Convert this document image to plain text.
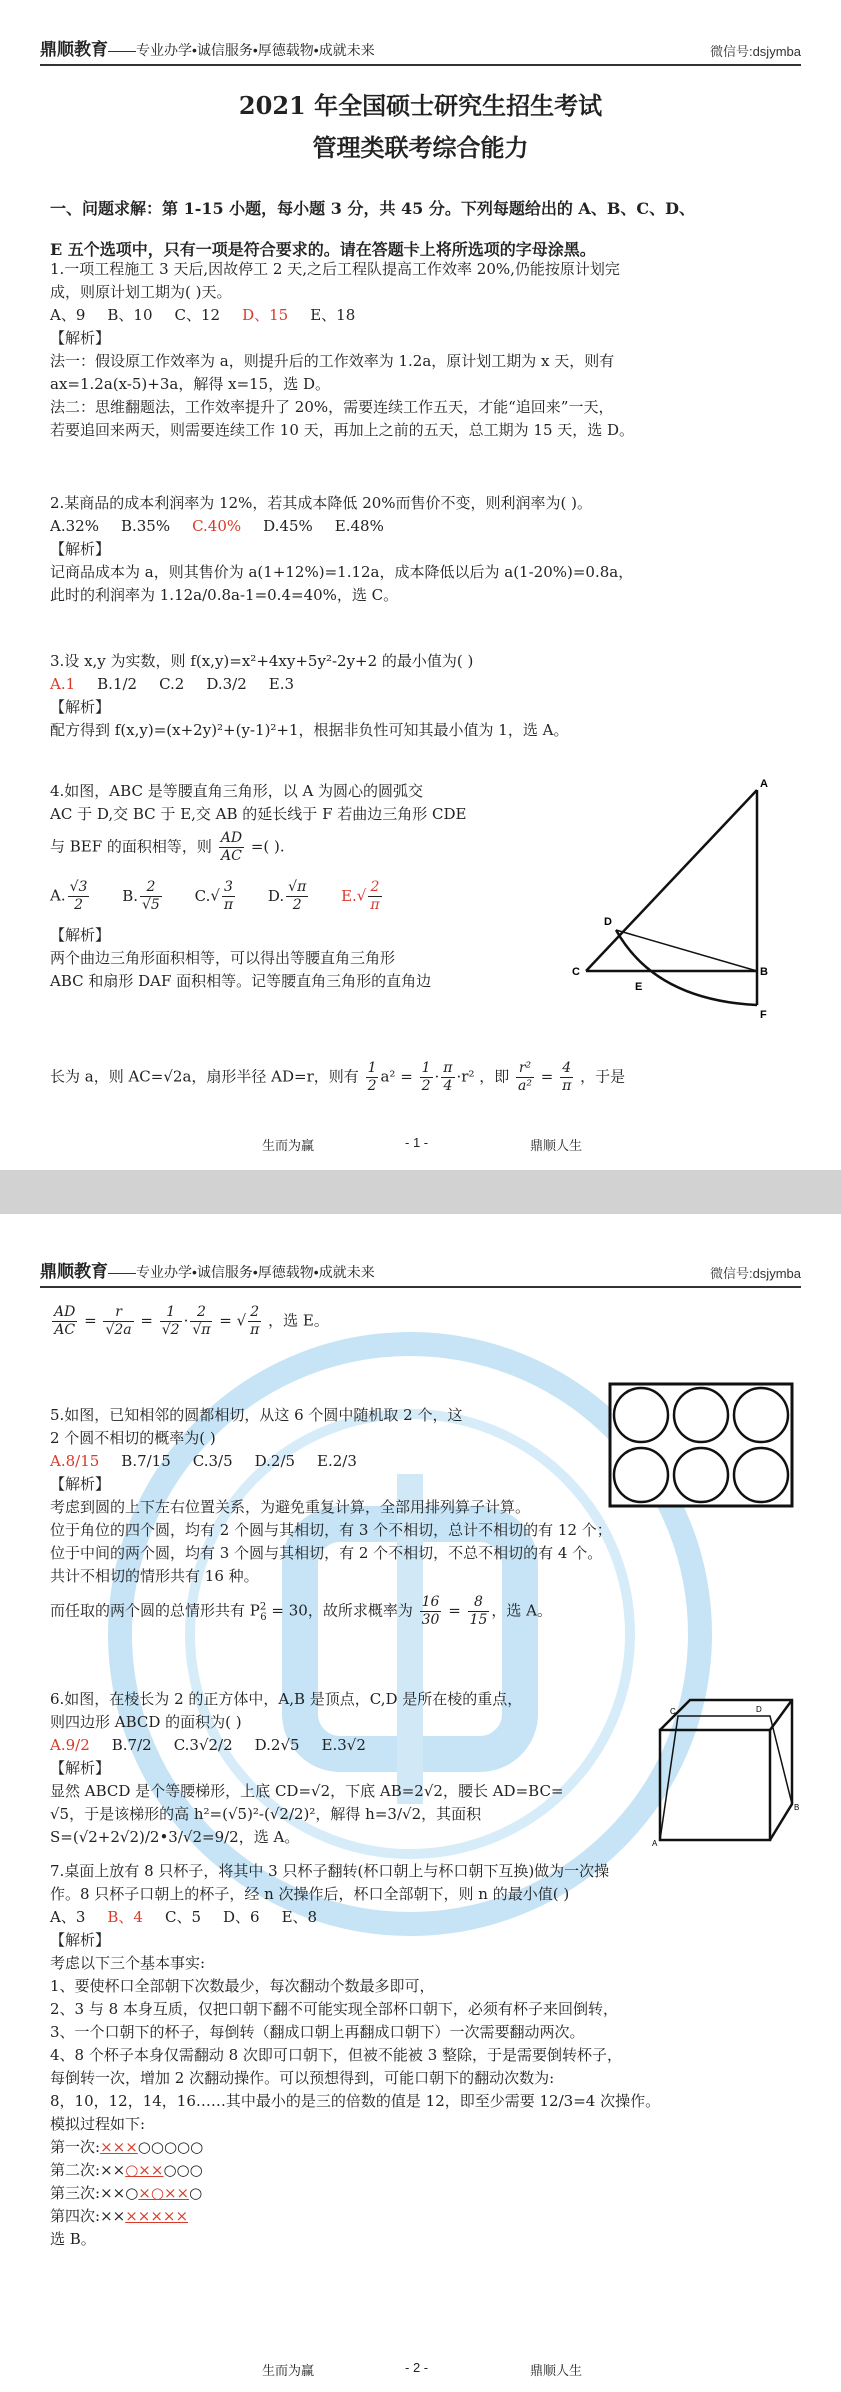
鼎顺教育——专业办学•诚信服务•厚德载物•成就未来	微信号:dsjymba
2021 年全国硕士研究生招生考试
管理类联考综合能力

一、问题求解：第 1-15 小题，每小题 3 分，共 45 分。下列每题给出的 A、B、C、D、

E 五个选项中，只有一项是符合要求的。请在答题卡上将所选项的字母涂黑。

1.一项工程施工 3 天后,因故停工 2 天,之后工程队提高工作效率 20%,仍能按原计划完

成，则原计划工期为( )天。

A、9 B、10 C、12 D、15 E、18

【解析】

法一：假设原工作效率为 a，则提升后的工作效率为 1.2a，原计划工期为 x 天，则有

ax=1.2a(x-5)+3a，解得 x=15，选 D。

法二：思维翻题法，工作效率提升了 20%，需要连续工作五天，才能“追回来”一天，

若要追回来两天，则需要连续工作 10 天，再加上之前的五天，总工期为 15 天，选 D。

2.某商品的成本利润率为 12%，若其成本降低 20%而售价不变，则利润率为( )。

A.32% B.35% C.40% D.45% E.48%

【解析】

记商品成本为 a，则其售价为 a(1+12%)=1.12a，成本降低以后为 a(1-20%)=0.8a，

此时的利润率为 1.12a/0.8a-1=0.4=40%，选 C。

3.设 x,y 为实数，则 f(x,y)=x²+4xy+5y²-2y+2 的最小值为( )

A.1 B.1/2 C.2 D.3/2 E.3

【解析】

配方得到 f(x,y)=(x+2y)²+(y-1)²+1，根据非负性可知其最小值为 1，选 A。

4.如图，ABC 是等腰直角三角形，以 A 为圆心的圆弧交

AC 于 D,交 BC 于 E,交 AB 的延长线于 F 若曲边三角形 CDE

与 BEF 的面积相等，则 $\frac{AD}{AC}$ =( ).

A. $\frac{√3}{2} B$. $\frac{2}{√5} C.√ \frac{3}{\pi} D$. $\frac{√\pi}{2} E.√ \frac{2}{\pi}$

【解析】

两个曲边三角形面积相等，可以得出等腰直角三角形

ABC 和扇形 DAF 面积相等。记等腰直角三角形的直角边

长为 a，则 AC=√2a，扇形半径 AD=r，则有 $\frac{1}{2} a^2 = \frac{1}{2} \cdot \frac{\pi}{4} \cdot r^2$ ，即 $\frac{\text{r²}}{\text{a²}} = \frac{4}{\pi}$ ，于是

A
B
C
D
E
F
生而为赢	- 1 -	鼎顺人生
鼎顺教育——专业办学•诚信服务•厚德载物•成就未来	微信号:dsjymba

$\frac{AD}{AC} = \frac{r}{√2a} = \frac{1}{√2} \cdot \frac{2}{√\pi}$ = √ $\frac{2}{\pi}$ ，选 E。

5.如图，已知相邻的圆都相切，从这 6 个圆中随机取 2 个，这

2 个圆不相切的概率为( )

A.8/15 B.7/15 C.3/5 D.2/5 E.2/3

【解析】

考虑到圆的上下左右位置关系，为避免重复计算，全部用排列算子计算。

位于角位的四个圆，均有 2 个圆与其相切，有 3 个不相切，总计不相切的有 12 个；

位于中间的两个圆，均有 3 个圆与其相切，有 2 个不相切，不总不相切的有 4 个。

共计不相切的情形共有 16 种。

而任取的两个圆的总情形共有 $P^2_6 = 30$，故所求概率为 $\frac{16}{30} = \frac{8}{15}$ ，选 A。

6.如图，在棱长为 2 的正方体中，A,B 是顶点，C,D 是所在棱的重点，

则四边形 ABCD 的面积为( )

A.9/2 B.7/2 C.3√2/2 D.2√5 E.3√2

【解析】

显然 ABCD 是个等腰梯形，上底 CD=√2，下底 AB=2√2，腰长 AD=BC=

√5，于是该梯形的高 h²=(√5)²-(√2/2)²，解得 h=3/√2，其面积

S=(√2+2√2)/2•3/√2=9/2，选 A。	A
B
C	D

7.桌面上放有 8 只杯子，将其中 3 只杯子翻转(杯口朝上与杯口朝下互换)做为一次操

作。8 只杯子口朝上的杯子，经 n 次操作后，杯口全部朝下，则 n 的最小值( )

A、3 B、4 C、5 D、6 E、8

【解析】

考虑以下三个基本事实:

1、要使杯口全部朝下次数最少，每次翻动个数最多即可，

2、3 与 8 本身互质，仅把口朝下翻不可能实现全部杯口朝下，必须有杯子来回倒转，

3、一个口朝下的杯子，每倒转（翻成口朝上再翻成口朝下）一次需要翻动两次。

4、8 个杯子本身仅需翻动 8 次即可口朝下，但被不能被 3 整除，于是需要倒转杯子，

每倒转一次，增加 2 次翻动操作。可以预想得到，可能口朝下的翻动次数为:

8，10，12，14，16……其中最小的是三的倍数的值是 12，即至少需要 12/3=4 次操作。

模拟过程如下:

第一次:×××○○○○○

第二次:××○××○○○

第三次:××○×○××○

第四次:×××××××

选 B。

生而为赢	- 2 -	鼎顺人生
